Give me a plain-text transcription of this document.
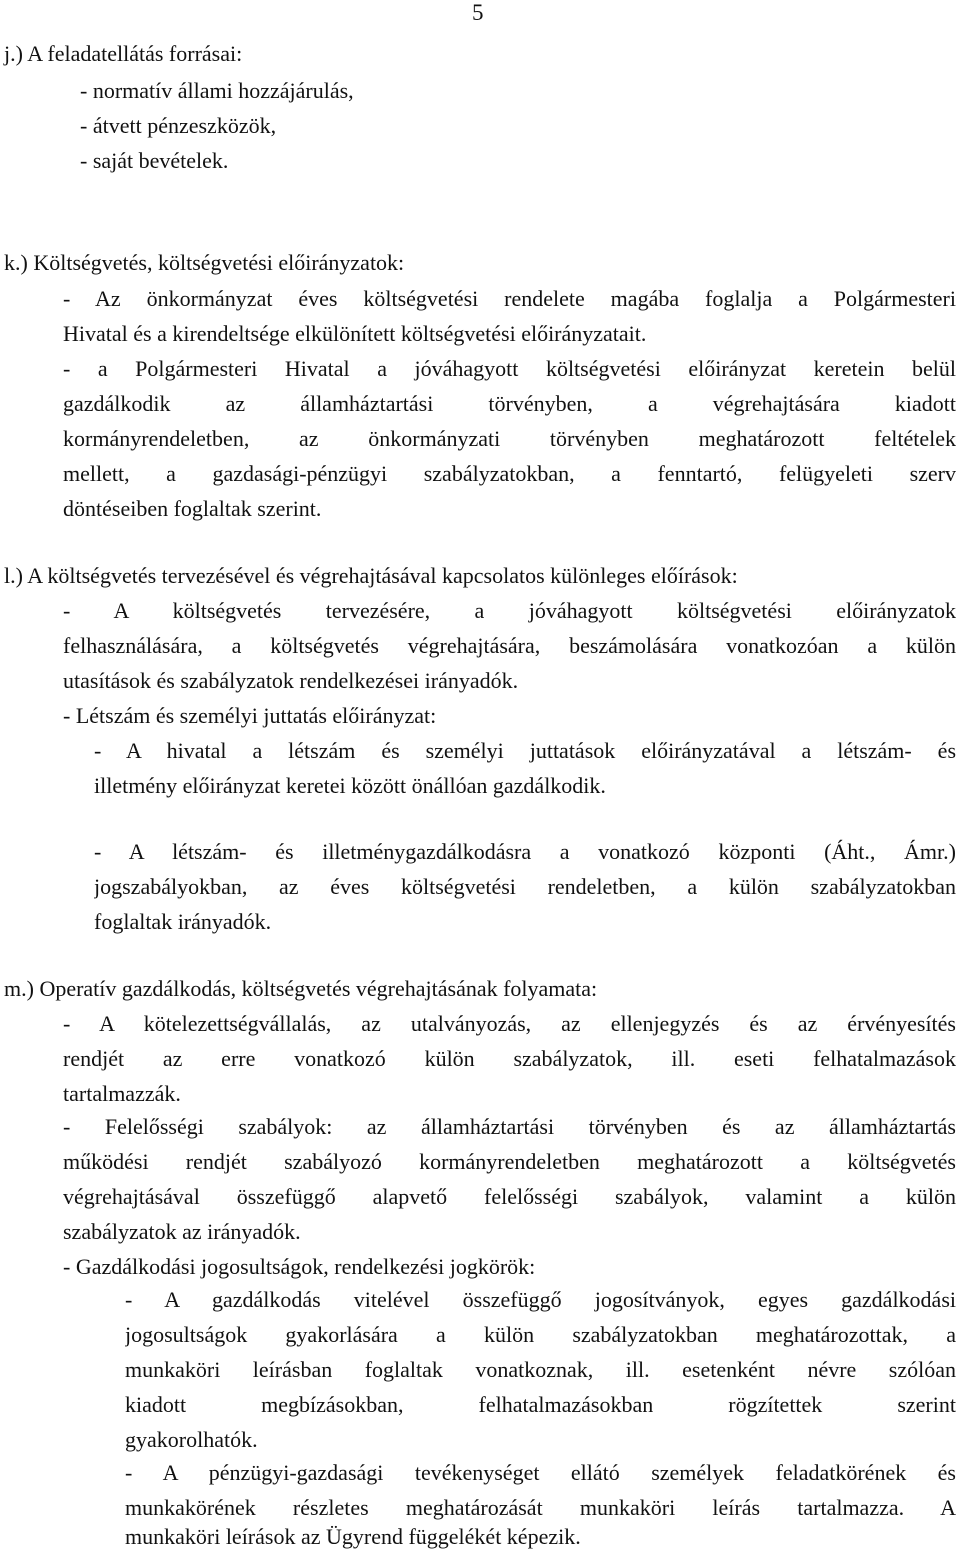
5
j.) A feladatellátás forrásai:
- normatív állami hozzájárulás,
- átvett pénzeszközök,
- saját bevételek.
k.) Költségvetés, költségvetési előirányzatok:
- Az önkormányzat éves költségvetési rendelete magába foglalja a Polgármesteri
Hivatal és a kirendeltsége elkülönített költségvetési előirányzatait.
- a Polgármesteri Hivatal a jóváhagyott költségvetési előirányzat keretein belül
gazdálkodik az államháztartási törvényben, a végrehajtására kiadott
kormányrendeletben, az önkormányzati törvényben meghatározott feltételek
mellett, a gazdasági-pénzügyi szabályzatokban, a fenntartó, felügyeleti szerv
döntéseiben foglaltak szerint.
l.) A költségvetés tervezésével és végrehajtásával kapcsolatos különleges előírások:
- A költségvetés tervezésére, a jóváhagyott költségvetési előirányzatok
felhasználására, a költségvetés végrehajtására, beszámolására vonatkozóan a külön
utasítások és szabályzatok rendelkezései irányadók.
- Létszám és személyi juttatás előirányzat:
- A hivatal a létszám és személyi juttatások előirányzatával a létszám- és
illetmény előirányzat keretei között önállóan gazdálkodik.
- A létszám- és illetménygazdálkodásra a vonatkozó központi (Áht., Ámr.)
jogszabályokban, az éves költségvetési rendeletben, a külön szabályzatokban
foglaltak irányadók.
m.) Operatív gazdálkodás, költségvetés végrehajtásának folyamata:
- A kötelezettségvállalás, az utalványozás, az ellenjegyzés és az érvényesítés
rendjét az erre vonatkozó külön szabályzatok, ill. eseti felhatalmazások
tartalmazzák.
- Felelősségi szabályok: az államháztartási törvényben és az államháztartás
működési rendjét szabályozó kormányrendeletben meghatározott a költségvetés
végrehajtásával összefüggő alapvető felelősségi szabályok, valamint a külön
szabályzatok az irányadók.
- Gazdálkodási jogosultságok, rendelkezési jogkörök:
- A gazdálkodás vitelével összefüggő jogosítványok, egyes gazdálkodási
jogosultságok gyakorlására a külön szabályzatokban meghatározottak, a
munkaköri leírásban foglaltak vonatkoznak, ill. esetenként névre szólóan
kiadott megbízásokban, felhatalmazásokban rögzítettek szerint
gyakorolhatók.
- A pénzügyi-gazdasági tevékenységet ellátó személyek feladatkörének és
munkakörének részletes meghatározását munkaköri leírás tartalmazza. A
munkaköri leírások az Ügyrend függelékét képezik.
